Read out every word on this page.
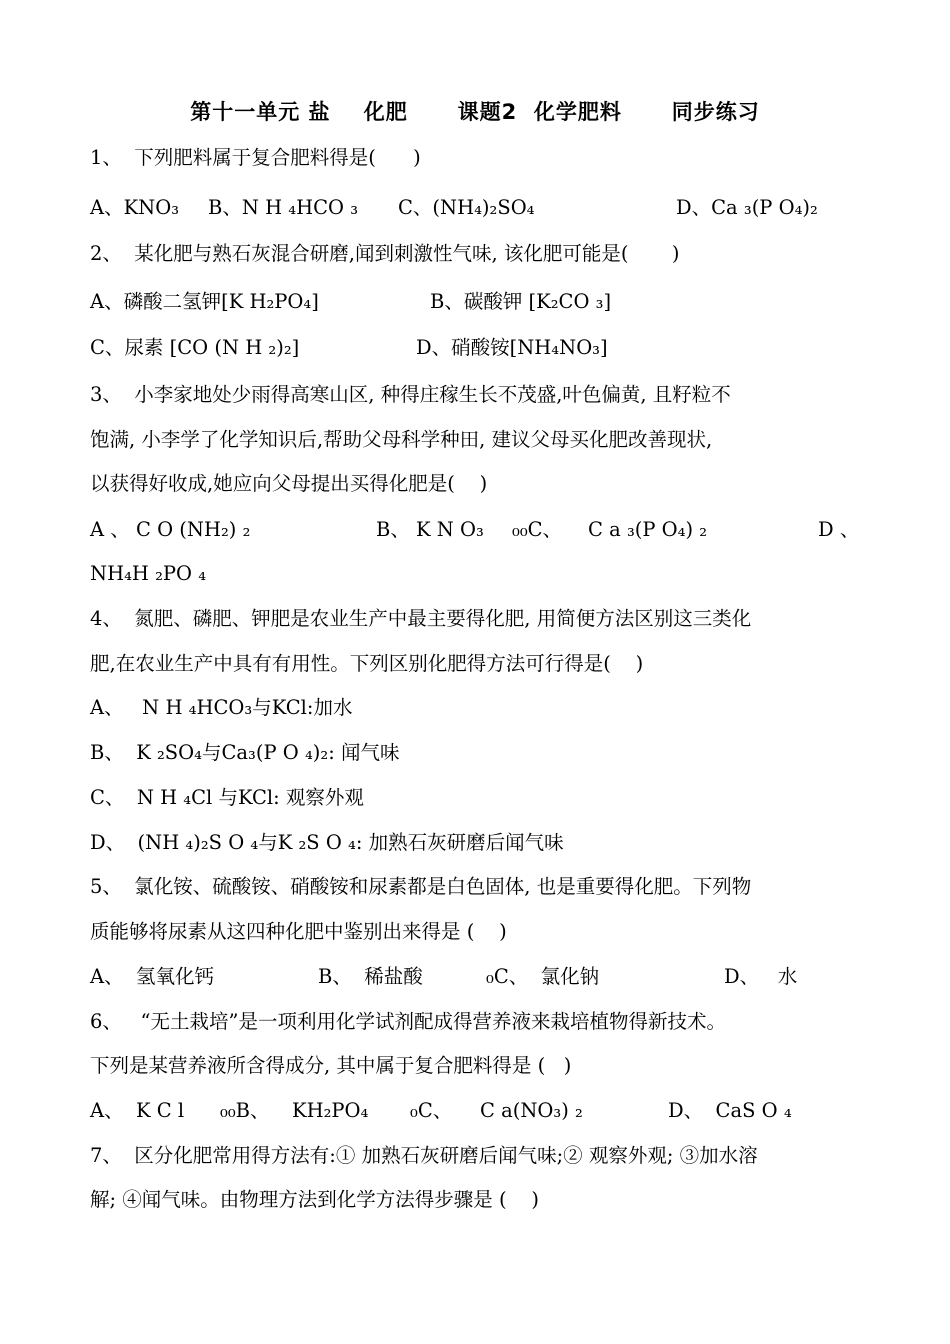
第十一单元 盐    化肥      课题2  化学肥料      同步练习
1、  下列肥料属于复合肥料得是(      )
A、KNO₃ B、N H ₄HCO ₃ C、(NH₄)₂SO₄	D、Ca ₃(P O₄)₂
2、  某化肥与熟石灰混合研磨,闻到刺激性气味, 该化肥可能是(       )
A、磷酸二氢钾[K H₂PO₄]	B、碳酸钾 [K₂CO ₃]
C、尿素 [CO (N H ₂)₂]	D、硝酸铵[NH₄NO₃]
3、  小李家地处少雨得高寒山区, 种得庄稼生长不茂盛,叶色偏黄, 且籽粒不
饱满, 小李学了化学知识后,帮助父母科学种田, 建议父母买化肥改善现状,
以获得好收成,她应向父母提出买得化肥是(    )
A 、 C O (NH₂) ₂	B、 K N O₃ ₀₀C、 C a ₃(P O₄) ₂	D 、
NH₄H ₂PO ₄
4、  氮肥、磷肥、钾肥是农业生产中最主要得化肥, 用简便方法区别这三类化
肥,在农业生产中具有有用性。下列区别化肥得方法可行得是(    )
A、   N H ₄HCO₃与KCl:加水
B、  K ₂SO₄与Ca₃(P O ₄)₂: 闻气味
C、  N H ₄Cl 与KCl: 观察外观
D、  (NH ₄)₂S O ₄与K ₂S O ₄: 加熟石灰研磨后闻气味
5、  氯化铵、硫酸铵、硝酸铵和尿素都是白色固体, 也是重要得化肥。下列物
质能够将尿素从这四种化肥中鉴别出来得是 (    )
A、  氢氧化钙	B、  稀盐酸	₀C、  氯化钠	D、   水
6、   “无土栽培”是一项利用化学试剂配成得营养液来栽培植物得新技术。
下列是某营养液所含得成分, 其中属于复合肥料得是 (   )
A、  K C l ₀₀B、 KH₂PO₄ ₀C、 C a(NO₃) ₂	D、  CaS O ₄
7、  区分化肥常用得方法有:① 加熟石灰研磨后闻气味;② 观察外观; ③加水溶
解; ④闻气味。由物理方法到化学方法得步骤是 (    )
